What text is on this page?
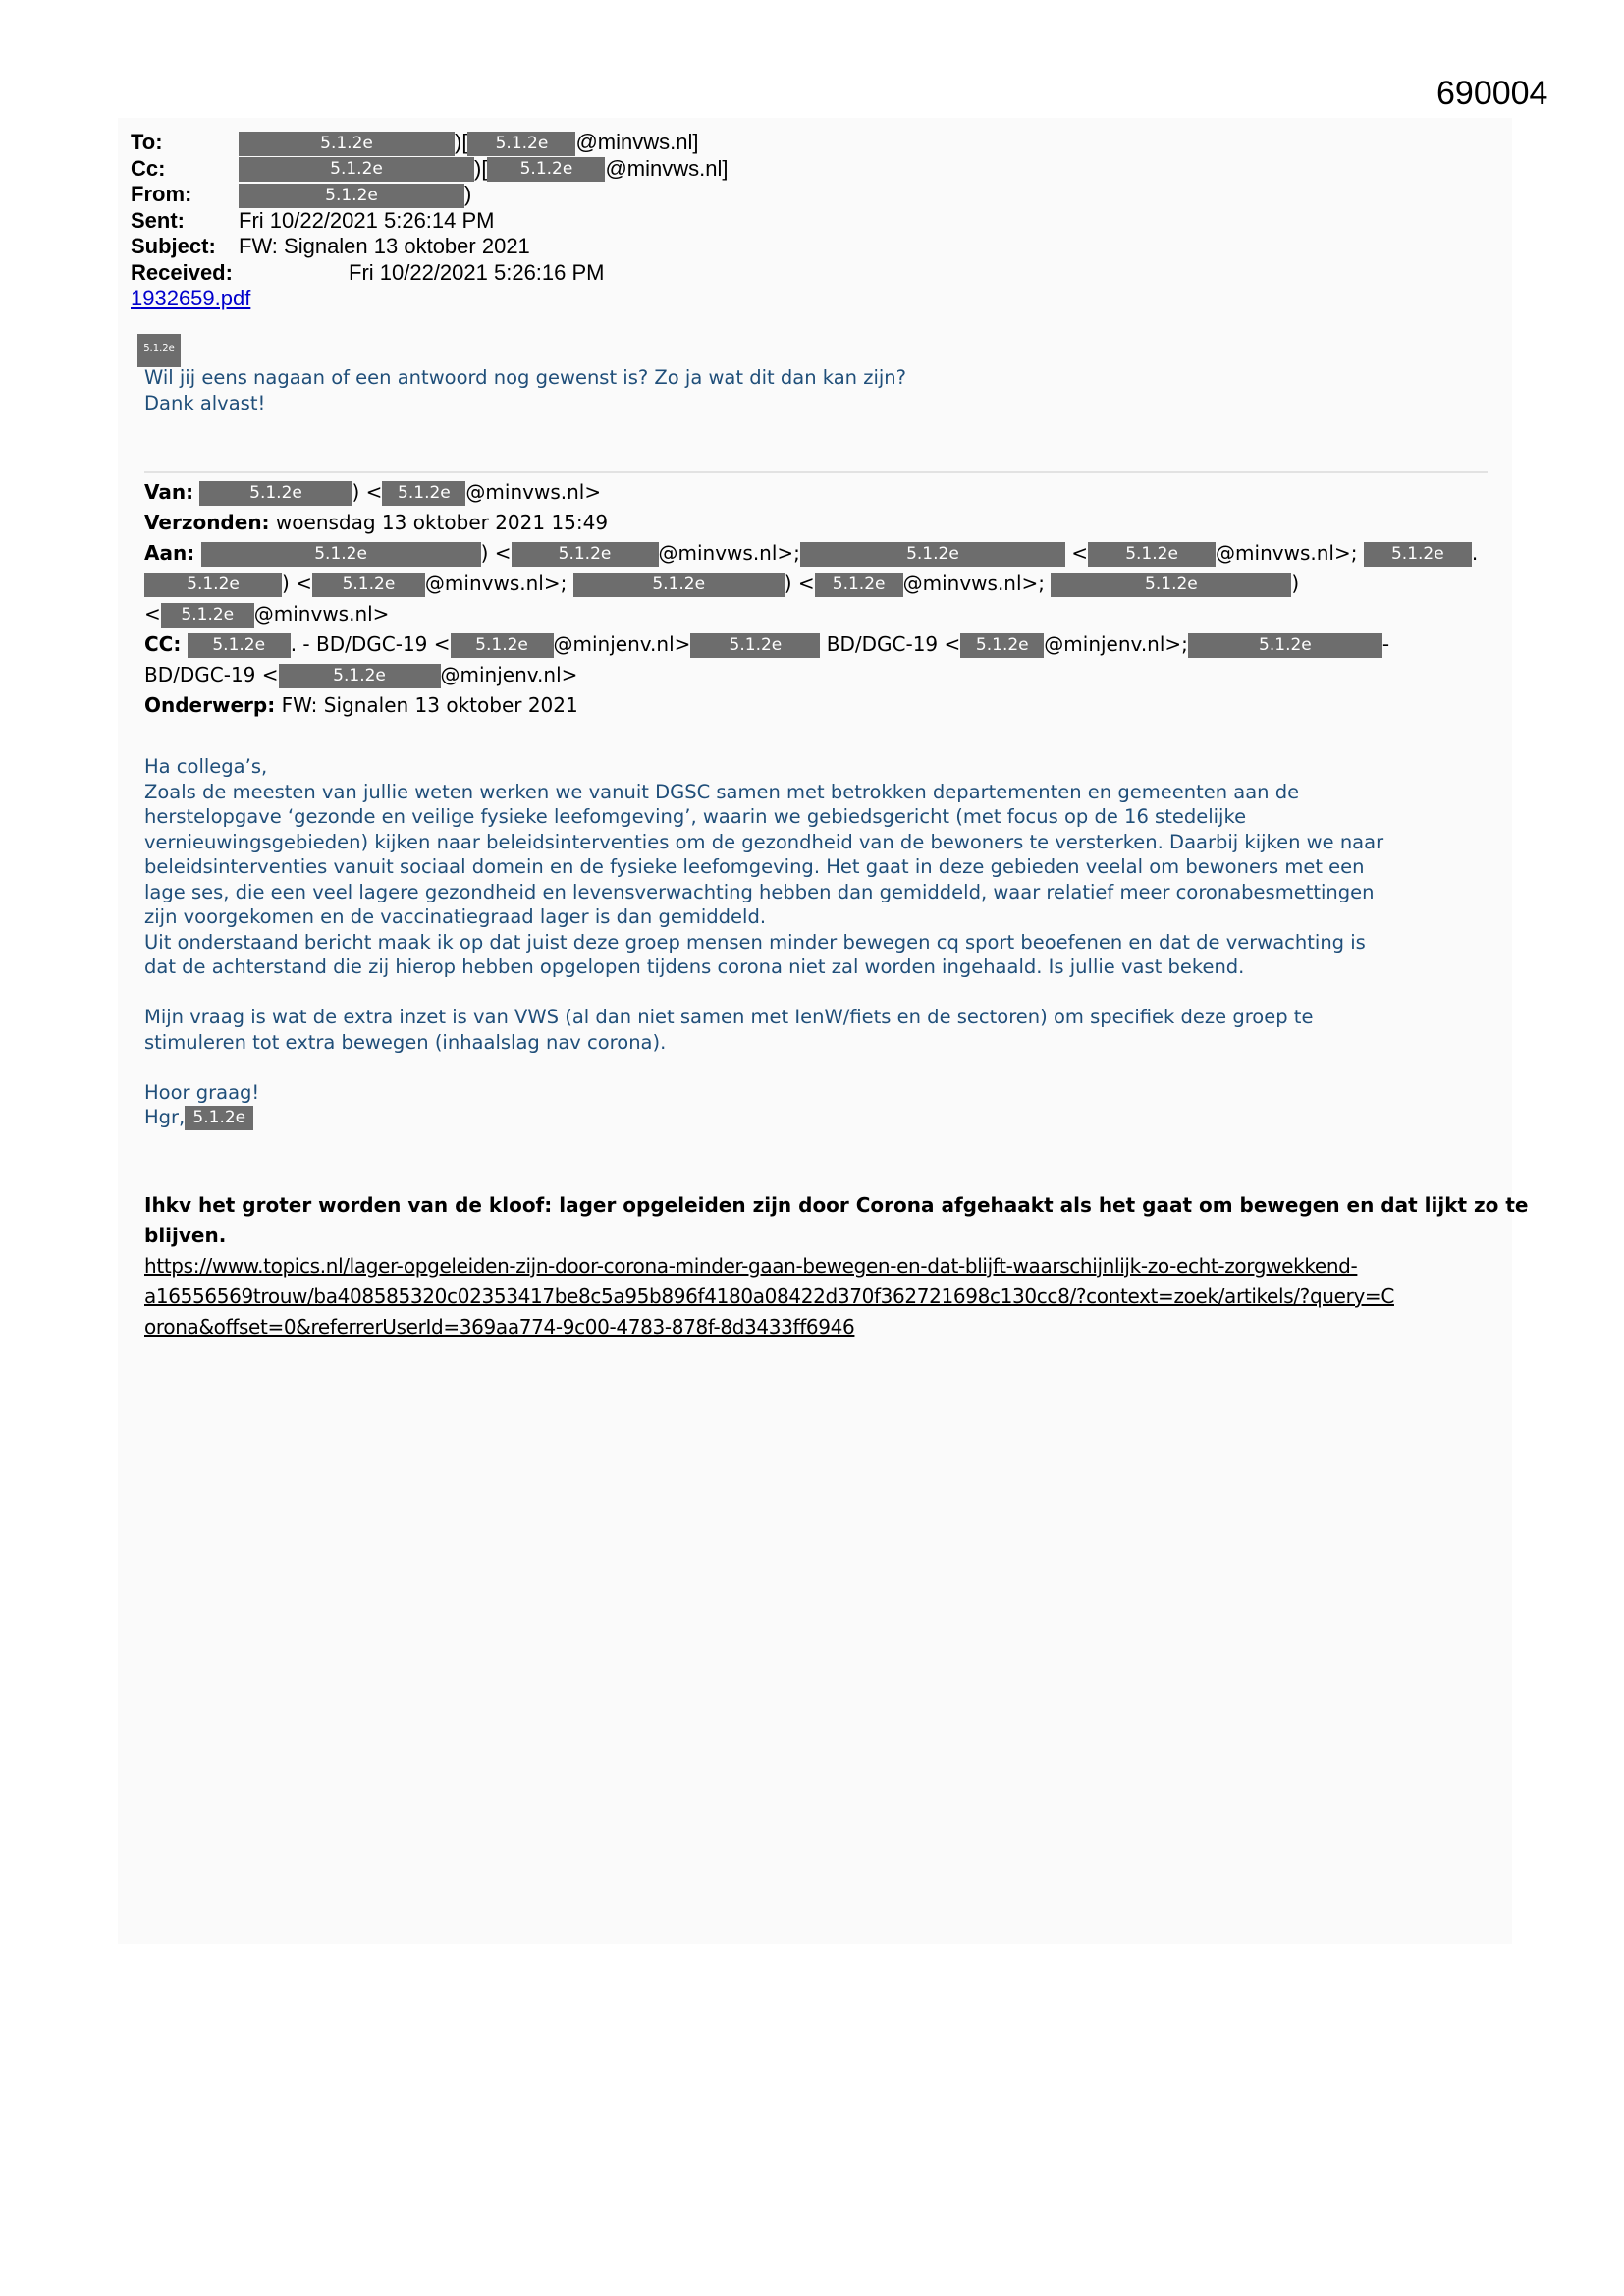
690004
To:	5.1.2e	)[ 5.1.2e @minvws.nl]
Cc:	5.1.2e	)[ 5.1.2e @minvws.nl]
From:	5.1.2e	)
Sent:	Fri 10/22/2021 5:26:14 PM
Subject: FW: Signalen 13 oktober 2021
Received:	Fri 10/22/2021 5:26:16 PM
1932659.pdf
5.1.2e
Wil jij eens nagaan of een antwoord nog gewenst is? Zo ja wat dit dan kan zijn?
Dank alvast!
Van:	5.1.2e	) < 5.1.2e @minvws.nl>
Verzonden: woensdag 13 oktober 2021 15:49
Aan:	5.1.2e	) <	5.1.2e @minvws.nl>;	5.1.2e	< 5.1.2e @minvws.nl>; 5.1.2e .
5.1.2e ) < 5.1.2e @minvws.nl>;	5.1.2e	) < 5.1.2e @minvws.nl>;	5.1.2e	)
< 5.1.2e @minvws.nl>
CC: 5.1.2e . - BD/DGC-19 < 5.1.2e @minjenv.nl> 5.1.2e BD/DGC-19 < 5.1.2e @minjenv.nl>;	5.1.2e	-
BD/DGC-19 <	5.1.2e	@minjenv.nl>
Onderwerp: FW: Signalen 13 oktober 2021

Ha collega’s,

Zoals de meesten van jullie weten werken we vanuit DGSC samen met betrokken departementen en gemeenten aan de

herstelopgave ‘gezonde en veilige fysieke leefomgeving’, waarin we gebiedsgericht (met focus op de 16 stedelijke

vernieuwingsgebieden) kijken naar beleidsinterventies om de gezondheid van de bewoners te versterken. Daarbij kijken we naar

beleidsinterventies vanuit sociaal domein en de fysieke leefomgeving. Het gaat in deze gebieden veelal om bewoners met een

lage ses, die een veel lagere gezondheid en levensverwachting hebben dan gemiddeld, waar relatief meer coronabesmettingen

zijn voorgekomen en de vaccinatiegraad lager is dan gemiddeld.

Uit onderstaand bericht maak ik op dat juist deze groep mensen minder bewegen cq sport beoefenen en dat de verwachting is

dat de achterstand die zij hierop hebben opgelopen tijdens corona niet zal worden ingehaald. Is jullie vast bekend.

Mijn vraag is wat de extra inzet is van VWS (al dan niet samen met IenW/fiets en de sectoren) om specifiek deze groep te

stimuleren tot extra bewegen (inhaalslag nav corona).

Hoor graag!

Hgr, 5.1.2e

Ihkv het groter worden van de kloof: lager opgeleiden zijn door Corona afgehaakt als het gaat om bewegen en dat lijkt zo te
blijven.
https://www.topics.nl/lager-opgeleiden-zijn-door-corona-minder-gaan-bewegen-en-dat-blijft-waarschijnlijk-zo-echt-zorgwekkend-
a16556569trouw/ba408585320c02353417be8c5a95b896f4180a08422d370f362721698c130cc8/?context=zoek/artikels/?query=C
orona&offset=0&referrerUserId=369aa774-9c00-4783-878f-8d3433ff6946
